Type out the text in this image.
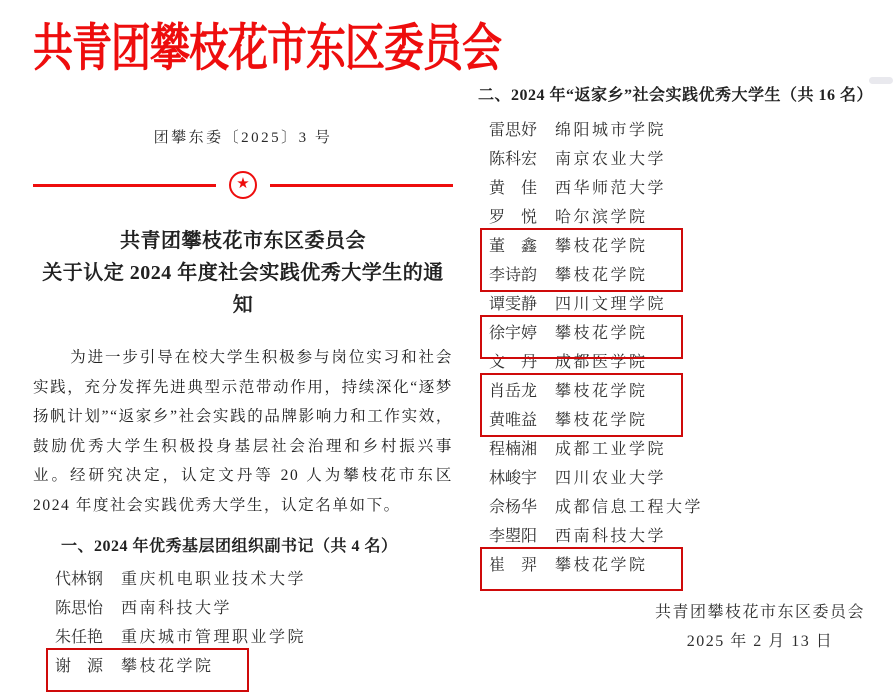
共青团攀枝花市东区委员会
团攀东委〔2025〕3 号
★
共青团攀枝花市东区委员会
关于认定 2024 年度社会实践优秀大学生的通知

为进一步引导在校大学生积极参与岗位实习和社会实践，充分发挥先进典型示范带动作用，持续深化“逐梦扬帆计划”“返家乡”社会实践的品牌影响力和工作实效，鼓励优秀大学生积极投身基层社会治理和乡村振兴事业。经研究决定，认定文丹等 20 人为攀枝花市东区 2024 年度社会实践优秀大学生，认定名单如下。

一、2024 年优秀基层团组织副书记（共 4 名）
代林钢 重庆机电职业技术大学
陈思怡 西南科技大学
朱任艳 重庆城市管理职业学院
谢　源 攀枝花学院
二、2024 年“返家乡”社会实践优秀大学生（共 16 名）
雷思妤 绵阳城市学院
陈科宏 南京农业大学
黄　佳 西华师范大学
罗　悦 哈尔滨学院
董　鑫 攀枝花学院
李诗韵 攀枝花学院
谭雯静 四川文理学院
徐宇婷 攀枝花学院
文　丹 成都医学院
肖岳龙 攀枝花学院
黄唯益 攀枝花学院
程楠湘 成都工业学院
林峻宇 四川农业大学
佘杨华 成都信息工程大学
李曌阳 西南科技大学
崔　羿 攀枝花学院
共青团攀枝花市东区委员会
2025 年 2 月 13 日
